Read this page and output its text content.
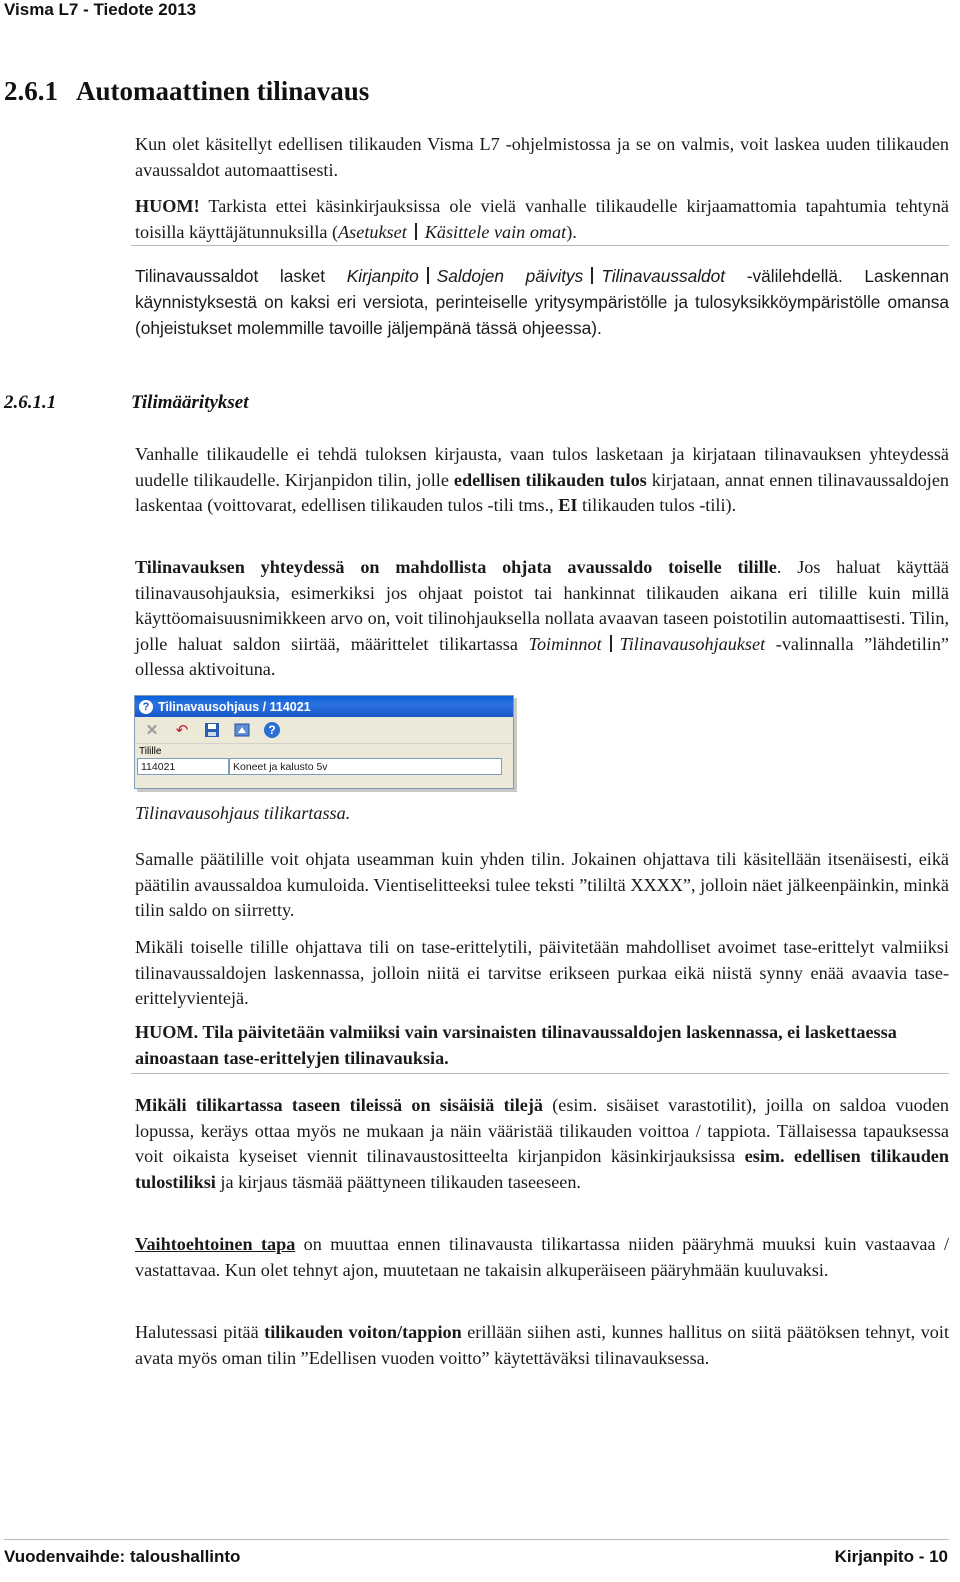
Visma L7 - Tiedote 2013
2.6.1 Automaattinen tilinavaus
Kun olet käsitellyt edellisen tilikauden Visma L7 -ohjelmistossa ja se on valmis, voit laskea uuden tilikauden avaussaldot automaattisesti.
HUOM! Tarkista ettei käsinkirjauksissa ole vielä vanhalle tilikaudelle kirjaamattomia tapahtumia tehtynä toisilla käyttäjätunnuksilla (Asetukset Käsittele vain omat).
Tilinavaussaldot lasket Kirjanpito Saldojen päivitys Tilinavaussaldot -välilehdellä. Laskennan käynnistyksestä on kaksi eri versiota, perinteiselle yritysympäristölle ja tulosyksikköympäristölle omansa (ohjeistukset molemmille tavoille jäljempänä tässä ohjeessa).
2.6.1.1	Tilimääritykset
Vanhalle tilikaudelle ei tehdä tuloksen kirjausta, vaan tulos lasketaan ja kirjataan tilinavauksen yhteydessä uudelle tilikaudelle. Kirjanpidon tilin, jolle edellisen tilikauden tulos kirjataan, annat ennen tilinavaussaldojen laskentaa (voittovarat, edellisen tilikauden tulos -tili tms., EI tilikauden tulos -tili).
Tilinavauksen yhteydessä on mahdollista ohjata avaussaldo toiselle tilille. Jos haluat käyttää tilinavausohjauksia, esimerkiksi jos ohjaat poistot tai hankinnat tilikauden aikana eri tilille kuin millä käyttöomaisuusnimikkeen arvo on, voit tilinohjauksella nollata avaavan taseen poistotilin automaattisesti. Tilin, jolle haluat saldon siirtää, määrittelet tilikartassa Toiminnot Tilinavausohjaukset -valinnalla ”lähdetilin” ollessa aktivoituna.
? Tilinavausohjaus / 114021
✕	↶	?
Tilille
114021	Koneet ja kalusto 5v
Tilinavausohjaus tilikartassa.
Samalle päätilille voit ohjata useamman kuin yhden tilin. Jokainen ohjattava tili käsitellään itsenäisesti, eikä päätilin avaussaldoa kumuloida. Vientiselitteeksi tulee teksti ”tililtä XXXX”, jolloin näet jälkeenpäinkin, minkä tilin saldo on siirretty.
Mikäli toiselle tilille ohjattava tili on tase-erittelytili, päivitetään mahdolliset avoimet tase-erittelyt valmiiksi tilinavaussaldojen laskennassa, jolloin niitä ei tarvitse erikseen purkaa eikä niistä synny enää avaavia tase-erittelyvientejä.
HUOM. Tila päivitetään valmiiksi vain varsinaisten tilinavaussaldojen laskennassa, ei laskettaessa ainoastaan tase-erittelyjen tilinavauksia.
Mikäli tilikartassa taseen tileissä on sisäisiä tilejä (esim. sisäiset varastotilit), joilla on saldoa vuoden lopussa, keräys ottaa myös ne mukaan ja näin vääristää tilikauden voittoa / tappiota. Tällaisessa tapauksessa voit oikaista kyseiset viennit tilinavaustositteelta kirjanpidon käsinkirjauksissa esim. edellisen tilikauden tulostiliksi ja kirjaus täsmää päättyneen tilikauden taseeseen.
Vaihtoehtoinen tapa on muuttaa ennen tilinavausta tilikartassa niiden pääryhmä muuksi kuin vastaavaa / vastattavaa. Kun olet tehnyt ajon, muutetaan ne takaisin alkuperäiseen pääryhmään kuuluvaksi.
Halutessasi pitää tilikauden voiton/tappion erillään siihen asti, kunnes hallitus on siitä päätöksen tehnyt, voit avata myös oman tilin ”Edellisen vuoden voitto” käytettäväksi tilinavauksessa.
Vuodenvaihde: taloushallinto	Kirjanpito - 10
